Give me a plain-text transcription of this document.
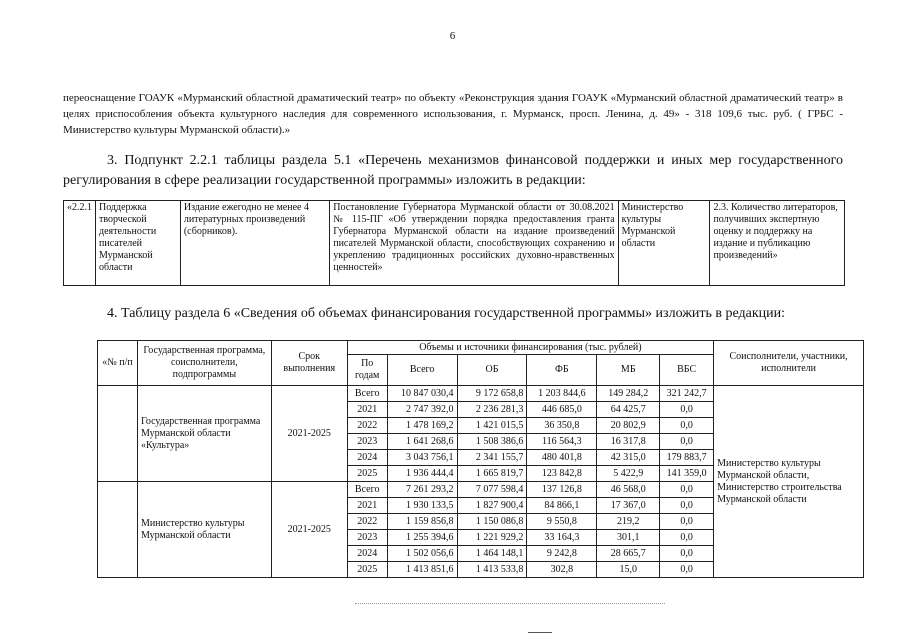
6
переоснащение ГОАУК «Мурманский областной драматический театр» по объекту «Реконструкция здания ГОАУК «Мурманский областной драматический театр» в целях приспособления объекта культурного наследия для современного использования, г. Мурманск, просп. Ленина, д. 49» - 318 109,6 тыс. руб. ( ГРБС - Министерство культуры Мурманской области).»
3. Подпункт 2.2.1 таблицы раздела 5.1 «Перечень механизмов финансовой поддержки и иных мер государственного регулирования в сфере реализации государственной программы» изложить в редакции:
«2.2.1	Поддержка творческой деятельности писателей Мурманской области	Издание ежегодно не менее 4 литературных произведений (сборников).	Постановление Губернатора Мурманской области от 30.08.2021 № 115-ПГ «Об утверждении порядка предоставления гранта Губернатора Мурманской области на издание произведений писателей Мурманской области, способствующих сохранению и укреплению традиционных российских духовно-нравственных ценностей»	Министерство культуры Мурманской области	2.3. Количество литераторов, получивших экспертную оценку и поддержку на издание и публикацию произведений»
4. Таблицу раздела 6 «Сведения об объемах финансирования государственной программы» изложить в редакции:
«№ п/п	Государственная программа, соисполнители, подпрограммы	Срок выполнения	Объемы и источники финансирования (тыс. рублей)						Соисполнители, участники, исполнители
			По годам	Всего	ОБ	ФБ	МБ	ВБС	
	Государственная программа Мурманской области «Культура»	2021-2025	Всего	10 847 030,4	9 172 658,8	1 203 844,6	149 284,2	321 242,7	Министерство культуры Мурманской области, Министерство строительства Мурманской области
			2021	2 747 392,0	2 236 281,3	446 685,0	64 425,7	0,0	
			2022	1 478 169,2	1 421 015,5	36 350,8	20 802,9	0,0	
			2023	1 641 268,6	1 508 386,6	116 564,3	16 317,8	0,0	
			2024	3 043 756,1	2 341 155,7	480 401,8	42 315,0	179 883,7	
			2025	1 936 444,4	1 665 819,7	123 842,8	5 422,9	141 359,0	
	Министерство культуры Мурманской области	2021-2025	Всего	7 261 293,2	7 077 598,4	137 126,8	46 568,0	0,0	
			2021	1 930 133,5	1 827 900,4	84 866,1	17 367,0	0,0	
			2022	1 159 856,8	1 150 086,8	9 550,8	219,2	0,0	
			2023	1 255 394,6	1 221 929,2	33 164,3	301,1	0,0	
			2024	1 502 056,6	1 464 148,1	9 242,8	28 665,7	0,0	
			2025	1 413 851,6	1 413 533,8	302,8	15,0	0,0	
